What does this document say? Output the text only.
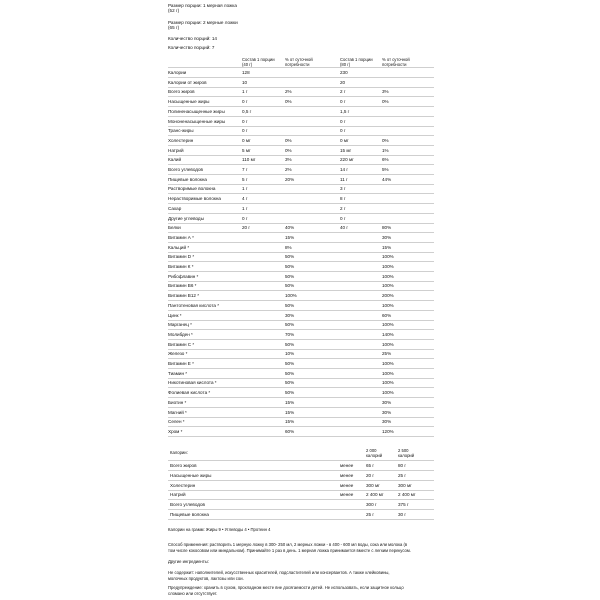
Размер порции: 1 мерная ложка
(52 г)
Размер порции: 2 мерные ложки
(65 г)
Количество порций: 14
Количество порций: 7
Состав 1 порции
(40 г)
% от суточной
потребности
Состав 1 порции
(80 г)
% от суточной
потребности
Калории	128	230
Калории от жиров	10	20
Всего жиров	1 г	2%	2 г	3%
Насыщенные жиры	0 г	0%	0 г	0%
Полиненасыщенные жиры	0,5 г	1,5 г
Мононенасыщенные жиры	0 г	0 г
Транс-жиры	0 г	0 г
Холестерин	0 мг	0%	0 мг	0%
Натрий	5 мг	0%	15 мг	1%
Калий	110 мг	3%	220 мг	6%
Всего углеводов	7 г	2%	14 г	5%
Пищевые волокна	5 г	20%	11 г	44%
Растворимые волокна	1 г	3 г
Нерастворимые волокна	4 г	8 г
Сахар	1 г	2 г
Другие углеводы	0 г	0 г
Белки	20 г	40%	40 г	80%
Витамин А *	15%	30%
Кальций *	8%	15%
Витамин D *	50%	100%
Витамин К *	50%	100%
Рибофлавин *	50%	100%
Витамин В6 *	50%	100%
Витамин В12 *	100%	200%
Пантотеновая кислота *	50%	100%
Цинк *	30%	60%
Марганец *	50%	100%
Молибден *	70%	140%
Витамин С *	50%	100%
Железо *	10%	25%
Витамин Е *	50%	100%
Тиамин *	50%	100%
Никотиновая кислота *	50%	100%
Фолиевая кислота *	50%	100%
Биотин *	15%	30%
Магний *	15%	30%
Селен *	15%	30%
Хром *	60%	120%
Калории:	2 000
калорий
2 500
калорий
Всего жиров	менее	65 г	80 г
Насыщенные жиры	менее	20 г	25 г
Холестерин	менее	300 мг	300 мг
Натрий	менее	2 400 мг	2 400 мг
Всего углеводов	300 г	375 г
Пищевые волокна	25 г	30 г
Калории на грамм: Жиры 9 • Углеводы 4 • Протеин 4
Способ применения: растворить 1 мерную ложку в 300- 250 мл, 2 мерных ложки - в 400 - 600 мл воды, сока или молока (в
том числе кокосовом или миндальном). Принимайте 1 раз в день. 1 мерная ложка принимается вместе с легким перекусом.
Другие ингредиенты:
Не содержит: наполнителей, искусственных красителей, подсластителей или консервантов. А также клейковины,
молочных продуктов, лактозы или сои.
Предупреждение: хранить в сухом, прохладном месте вне досягаемости детей. Не использовать, если защитное кольцо
сломано или отсутствует.
